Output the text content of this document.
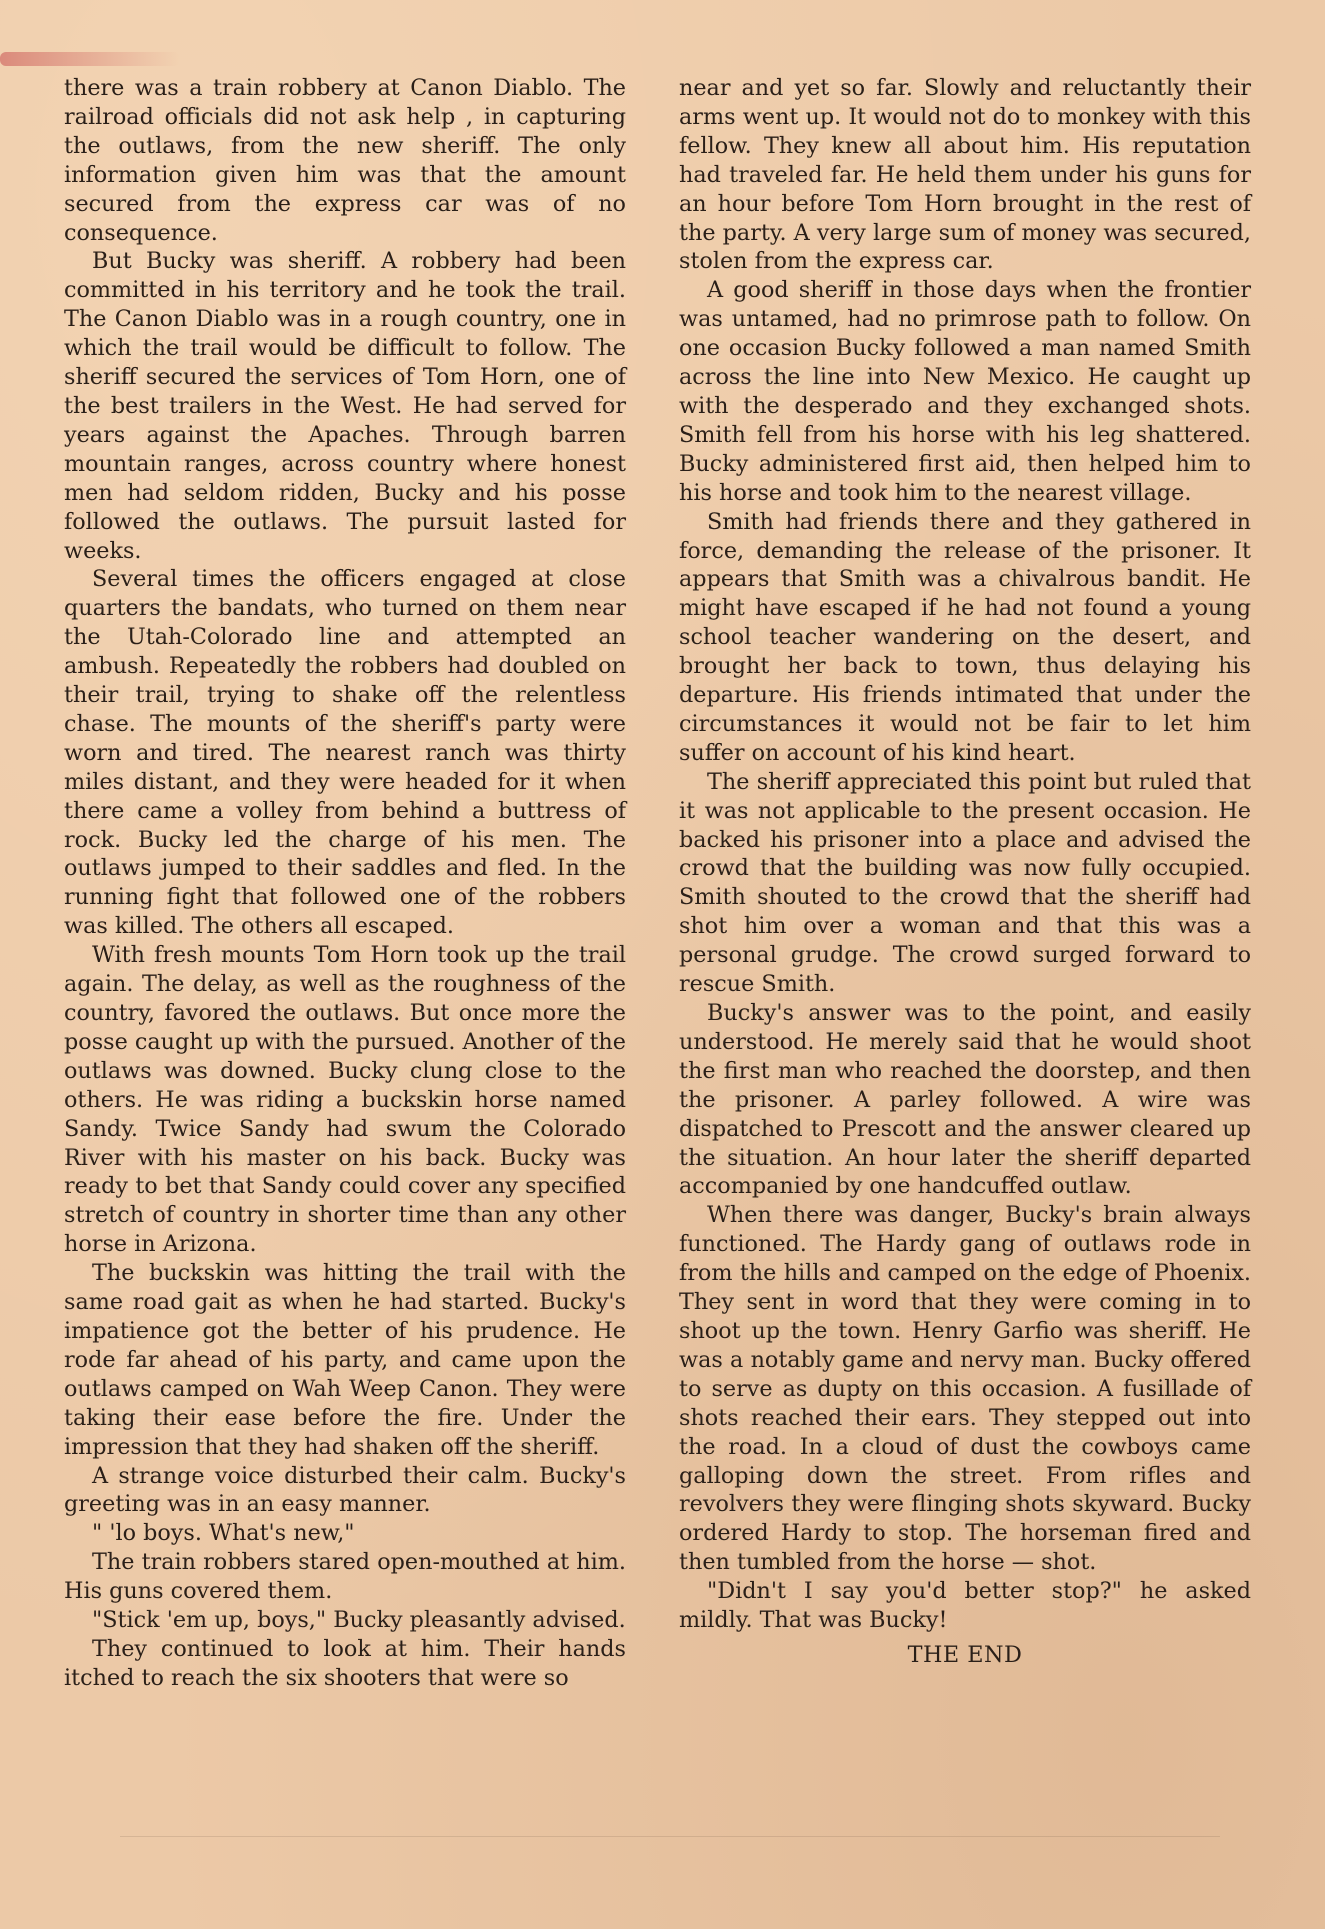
there was a train robbery at Canon Diablo. The railroad officials did not ask help , in capturing the outlaws, from the new sheriff. The only information given him was that the amount secured from the express car was of no consequence.

But Bucky was sheriff. A robbery had been committed in his territory and he took the trail. The Canon Diablo was in a rough country, one in which the trail would be difficult to follow. The sheriff secured the services of Tom Horn, one of the best trailers in the West. He had served for years against the Apaches. Through barren mountain ranges, across country where honest men had seldom ridden, Bucky and his posse followed the outlaws. The pursuit lasted for weeks.

Several times the officers engaged at close quarters the bandats, who turned on them near the Utah-Colorado line and attempted an ambush. Repeatedly the robbers had doubled on their trail, trying to shake off the relentless chase. The mounts of the sheriff's party were worn and tired. The nearest ranch was thirty miles distant, and they were headed for it when there came a volley from behind a buttress of rock. Bucky led the charge of his men. The outlaws jumped to their saddles and fled. In the running fight that followed one of the robbers was killed. The others all escaped.

With fresh mounts Tom Horn took up the trail again. The delay, as well as the roughness of the country, favored the outlaws. But once more the posse caught up with the pursued. Another of the outlaws was downed. Bucky clung close to the others. He was riding a buckskin horse named Sandy. Twice Sandy had swum the Colorado River with his master on his back. Bucky was ready to bet that Sandy could cover any specified stretch of country in shorter time than any other horse in Arizona.

The buckskin was hitting the trail with the same road gait as when he had started. Bucky's impatience got the better of his prudence. He rode far ahead of his party, and came upon the outlaws camped on Wah Weep Canon. They were taking their ease before the fire. Under the impression that they had shaken off the sheriff.

A strange voice disturbed their calm. Bucky's greeting was in an easy manner.

" 'lo boys. What's new,"

The train robbers stared open-mouthed at him. His guns covered them.

"Stick 'em up, boys," Bucky pleasantly advised.

They continued to look at him. Their hands itched to reach the six shooters that were so

near and yet so far. Slowly and reluctantly their arms went up. It would not do to monkey with this fellow. They knew all about him. His reputation had traveled far. He held them under his guns for an hour before Tom Horn brought in the rest of the party. A very large sum of money was secured, stolen from the express car.

A good sheriff in those days when the frontier was untamed, had no primrose path to follow. On one occasion Bucky followed a man named Smith across the line into New Mexico. He caught up with the desperado and they exchanged shots. Smith fell from his horse with his leg shattered. Bucky administered first aid, then helped him to his horse and took him to the nearest village.

Smith had friends there and they gathered in force, demanding the release of the prisoner. It appears that Smith was a chivalrous bandit. He might have escaped if he had not found a young school teacher wandering on the desert, and brought her back to town, thus delaying his departure. His friends intimated that under the circumstances it would not be fair to let him suffer on account of his kind heart.

The sheriff appreciated this point but ruled that it was not applicable to the present occasion. He backed his prisoner into a place and advised the crowd that the building was now fully occupied. Smith shouted to the crowd that the sheriff had shot him over a woman and that this was a personal grudge. The crowd surged forward to rescue Smith.

Bucky's answer was to the point, and easily understood. He merely said that he would shoot the first man who reached the doorstep, and then the prisoner. A parley followed. A wire was dispatched to Prescott and the answer cleared up the situation. An hour later the sheriff departed accompanied by one handcuffed outlaw.

When there was danger, Bucky's brain always functioned. The Hardy gang of outlaws rode in from the hills and camped on the edge of Phoenix. They sent in word that they were coming in to shoot up the town. Henry Garfio was sheriff. He was a notably game and nervy man. Bucky offered to serve as dupty on this occasion. A fusillade of shots reached their ears. They stepped out into the road. In a cloud of dust the cowboys came galloping down the street. From rifles and revolvers they were flinging shots skyward. Bucky ordered Hardy to stop. The horseman fired and then tumbled from the horse — shot.

"Didn't I say you'd better stop?" he asked mildly. That was Bucky!

THE END
